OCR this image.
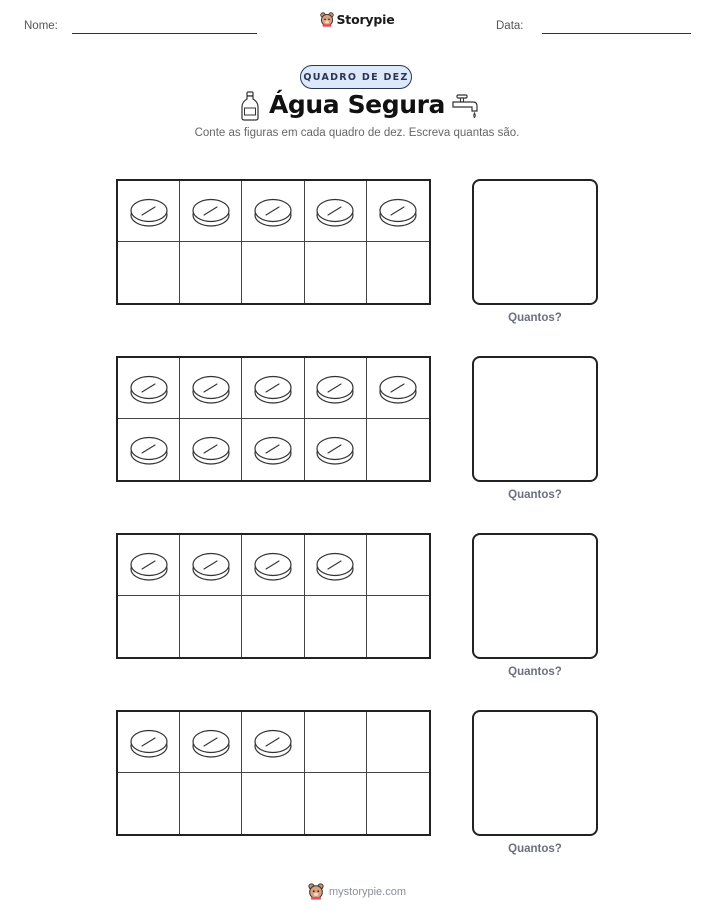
Nome:	Storypie	Data:
QUADRO DE DEZ
Água Segura
Conte as figuras em cada quadro de dez. Escreva quantas são.
Quantos?
Quantos?
Quantos?
Quantos?
mystorypie.com
